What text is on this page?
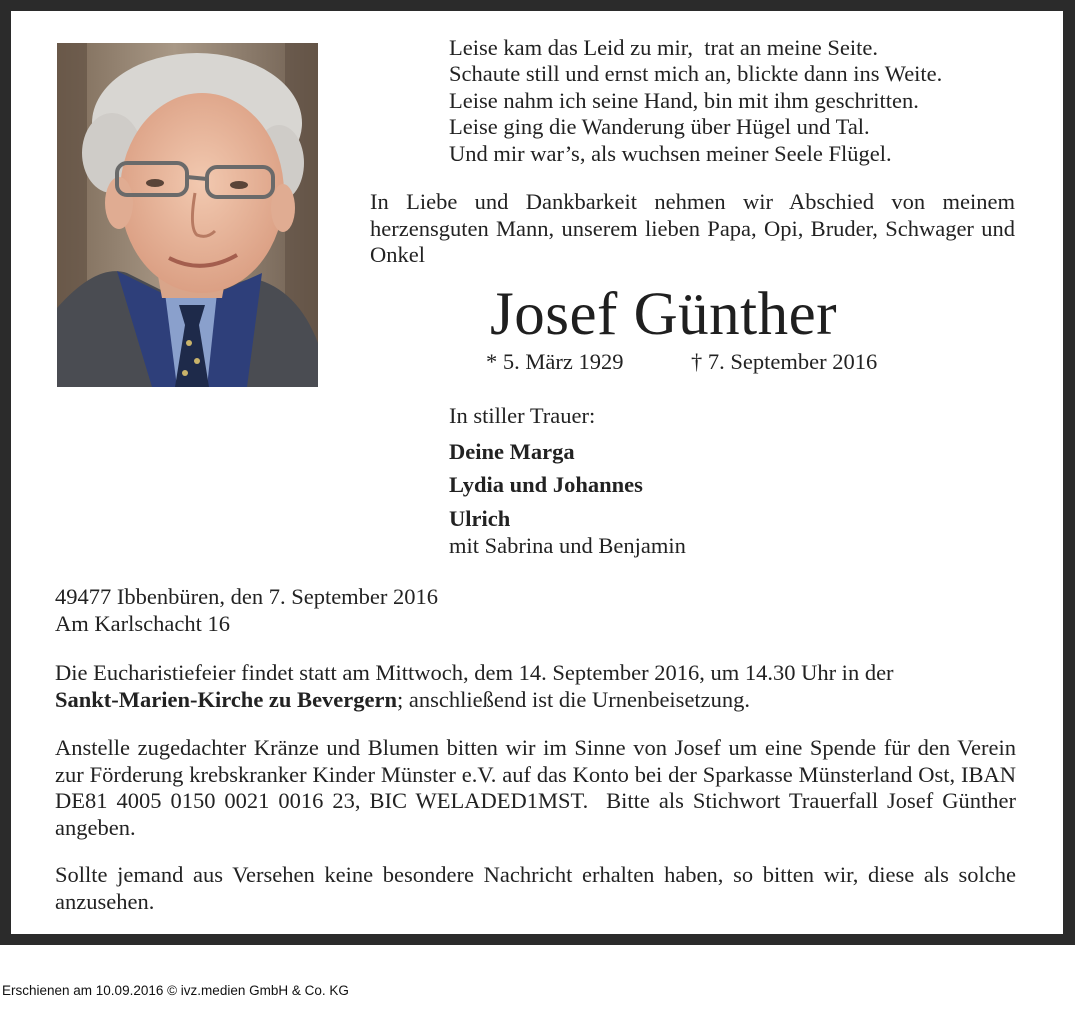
Leise kam das Leid zu mir,  trat an meine Seite.
Schaute still und ernst mich an, blickte dann ins Weite.
Leise nahm ich seine Hand, bin mit ihm geschritten.
Leise ging die Wanderung über Hügel und Tal.
Und mir war’s, als wuchsen meiner Seele Flügel.

In Liebe und Dankbarkeit nehmen wir Abschied von meinem herzensguten Mann, unserem lieben Papa, Opi, Bruder, Schwager und Onkel

Josef Günther
* 5. März 1929	† 7. September 2016
In stiller Trauer:

Deine Marga

Lydia und Johannes

Ulrich

mit Sabrina und Benjamin
49477 Ibbenbüren, den 7. September 2016
Am Karlschacht 16
Die Eucharistiefeier findet statt am Mittwoch, dem 14. September 2016, um 14.30 Uhr in der
Sankt-Marien-Kirche zu Bevergern; anschließend ist die Urnenbeisetzung.

Anstelle zugedachter Kränze und Blumen bitten wir im Sinne von Josef um eine Spende für den Verein zur Förderung krebskranker Kinder Münster e.V. auf das Konto bei der Sparkasse Münsterland Ost, IBAN DE81 4005 0150 0021 0016 23, BIC WELADED1MST.  Bitte als Stichwort Trauerfall Josef Günther angeben.

Sollte jemand aus Versehen keine besondere Nachricht erhalten haben, so bitten wir, diese als solche anzusehen.

Erschienen am 10.09.2016 © ivz.medien GmbH & Co. KG
